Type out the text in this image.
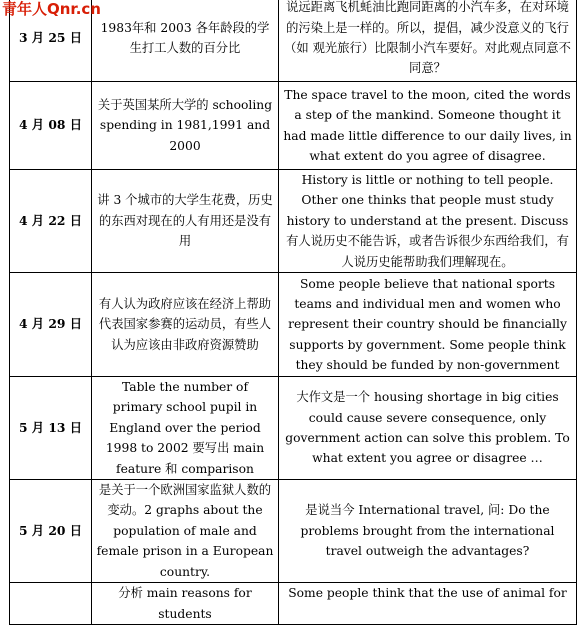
青年人Qnr.cn
3 月 25 日	1983年和 2003 各年龄段的学生打工人数的百分比	说远距离飞机蚝油比跑同距离的小汽车多，在对环境的污染上是一样的。所以，提倡，减少没意义的飞行（如 观光旅行）比限制小汽车要好。对此观点同意不同意？
4 月 08 日	关于英国某所大学的 schooling spending in 1981,1991 and 2000	The space travel to the moon, cited the words a step of the mankind. Someone thought it had made little difference to our daily lives, in what extent do you agree of disagree.
4 月 22 日	讲 3 个城市的大学生花费，历史的东西对现在的人有用还是没有用	History is little or nothing to tell people. Other one thinks that people must study history to understand at the present. Discuss 有人说历史不能告诉，或者告诉很少东西给我们，有人说历史能帮助我们理解现在。
4 月 29 日	有人认为政府应该在经济上帮助代表国家参赛的运动员，有些人认为应该由非政府资源赞助	Some people believe that national sports teams and individual men and women who represent their country should be financially supports by government. Some people think they should be funded by non-government
5 月 13 日	Table the number of primary school pupil in England over the period 1998 to 2002 要写出 main feature 和 comparison	大作文是一个 housing shortage in big cities could cause severe consequence, only government action can solve this problem. To what extent you agree or disagree …
5 月 20 日	是关于一个欧洲国家监狱人数的变动。2 graphs about the population of male and female prison in a European country.	是说当今 International travel, 问: Do the problems brought from the international travel outweigh the advantages?

	分析 main reasons for students	Some people think that the use of animal for
